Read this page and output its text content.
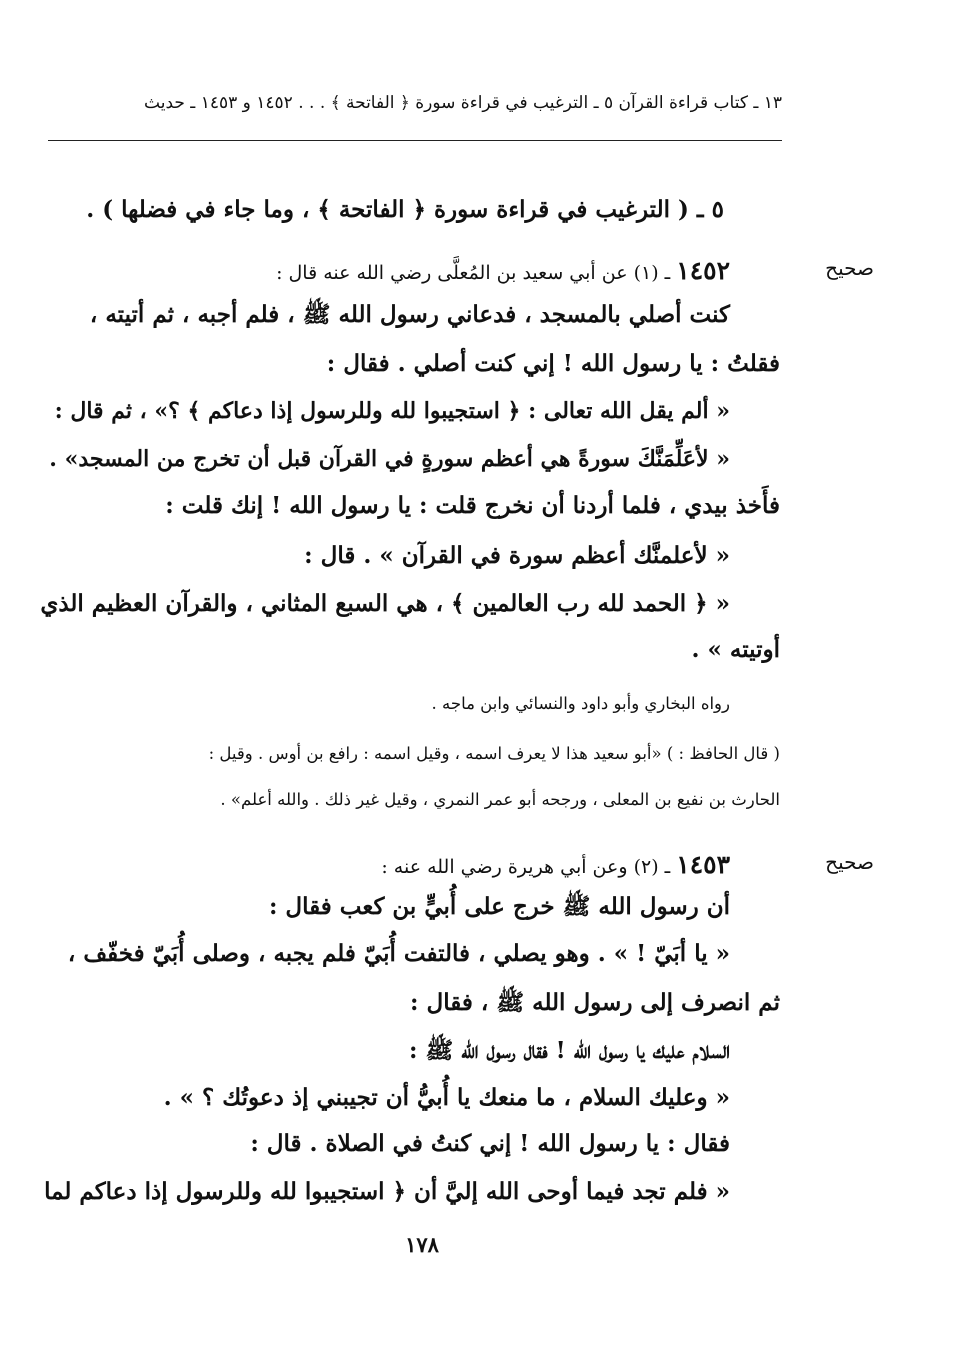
١٣ ـ كتاب قراءة القرآن ٥ ـ الترغيب في قراءة سورة ﴿ الفاتحة ﴾ . . . ١٤٥٢ و ١٤٥٣ ـ حديث
٥ ـ ( الترغيب في قراءة سورة ﴿ الفاتحة ﴾ ، وما جاء في فضلها ) .
صحيح
١٤٥٢ ـ (١) عن أبي سعيد بن المُعلَّى رضي الله عنه قال :
كنت أصلي بالمسجد ، فدعاني رسول الله ﷺ ، فلم أجبه ، ثم أتيته ،
فقلتُ : يا رسول الله ! إني كنت أصلي . فقال :
« ألم يقل الله تعالى : ﴿ استجيبوا لله وللرسول إذا دعاكم ﴾ ؟» ، ثم قال :
« لأعَلِّمَنَّكَ سورةً هي أعظم سورةٍ في القرآن قبل أن تخرج من المسجد» .
فأَخذ بيدي ، فلما أردنا أن نخرج قلت : يا رسول الله ! إنك قلت :
« لأعلمنَّك أعظم سورة في القرآن » . قال :
« ﴿ الحمد لله رب العالمين ﴾ ، هي السبع المثاني ، والقرآن العظيم الذي
أوتيته » .
رواه البخاري وأبو داود والنسائي وابن ماجه .
( قال الحافظ : ) «أبو سعيد هذا لا يعرف اسمه ، وقيل اسمه : رافع بن أوس . وقيل :
الحارث بن نفيع بن المعلى ، ورجحه أبو عمر النمري ، وقيل غير ذلك . والله أعلم» .
صحيح
١٤٥٣ ـ (٢) وعن أبي هريرة رضي الله عنه :
أن رسول الله ﷺ خرج على أُبيٍّ بن كعب فقال :
« يا أبَيّ ! » . وهو يصلي ، فالتفت أُبَيّ فلم يجبه ، وصلى أُبَيّ فخفّف ،
ثم انصرف إلى رسول الله ﷺ ، فقال :
السلام عليك يا رسول الله ! فقال رسول الله ﷺ :
« وعليك السلام ، ما منعك يا أُبيُّ أن تجيبني إذ دعوتُك ؟ » .
فقال : يا رسول الله ! إني كنتُ في الصلاة . قال :
« فلم تجد فيما أوحى الله إليَّ أن ﴿ استجيبوا لله وللرسول إذا دعاكم لما
١٧٨
